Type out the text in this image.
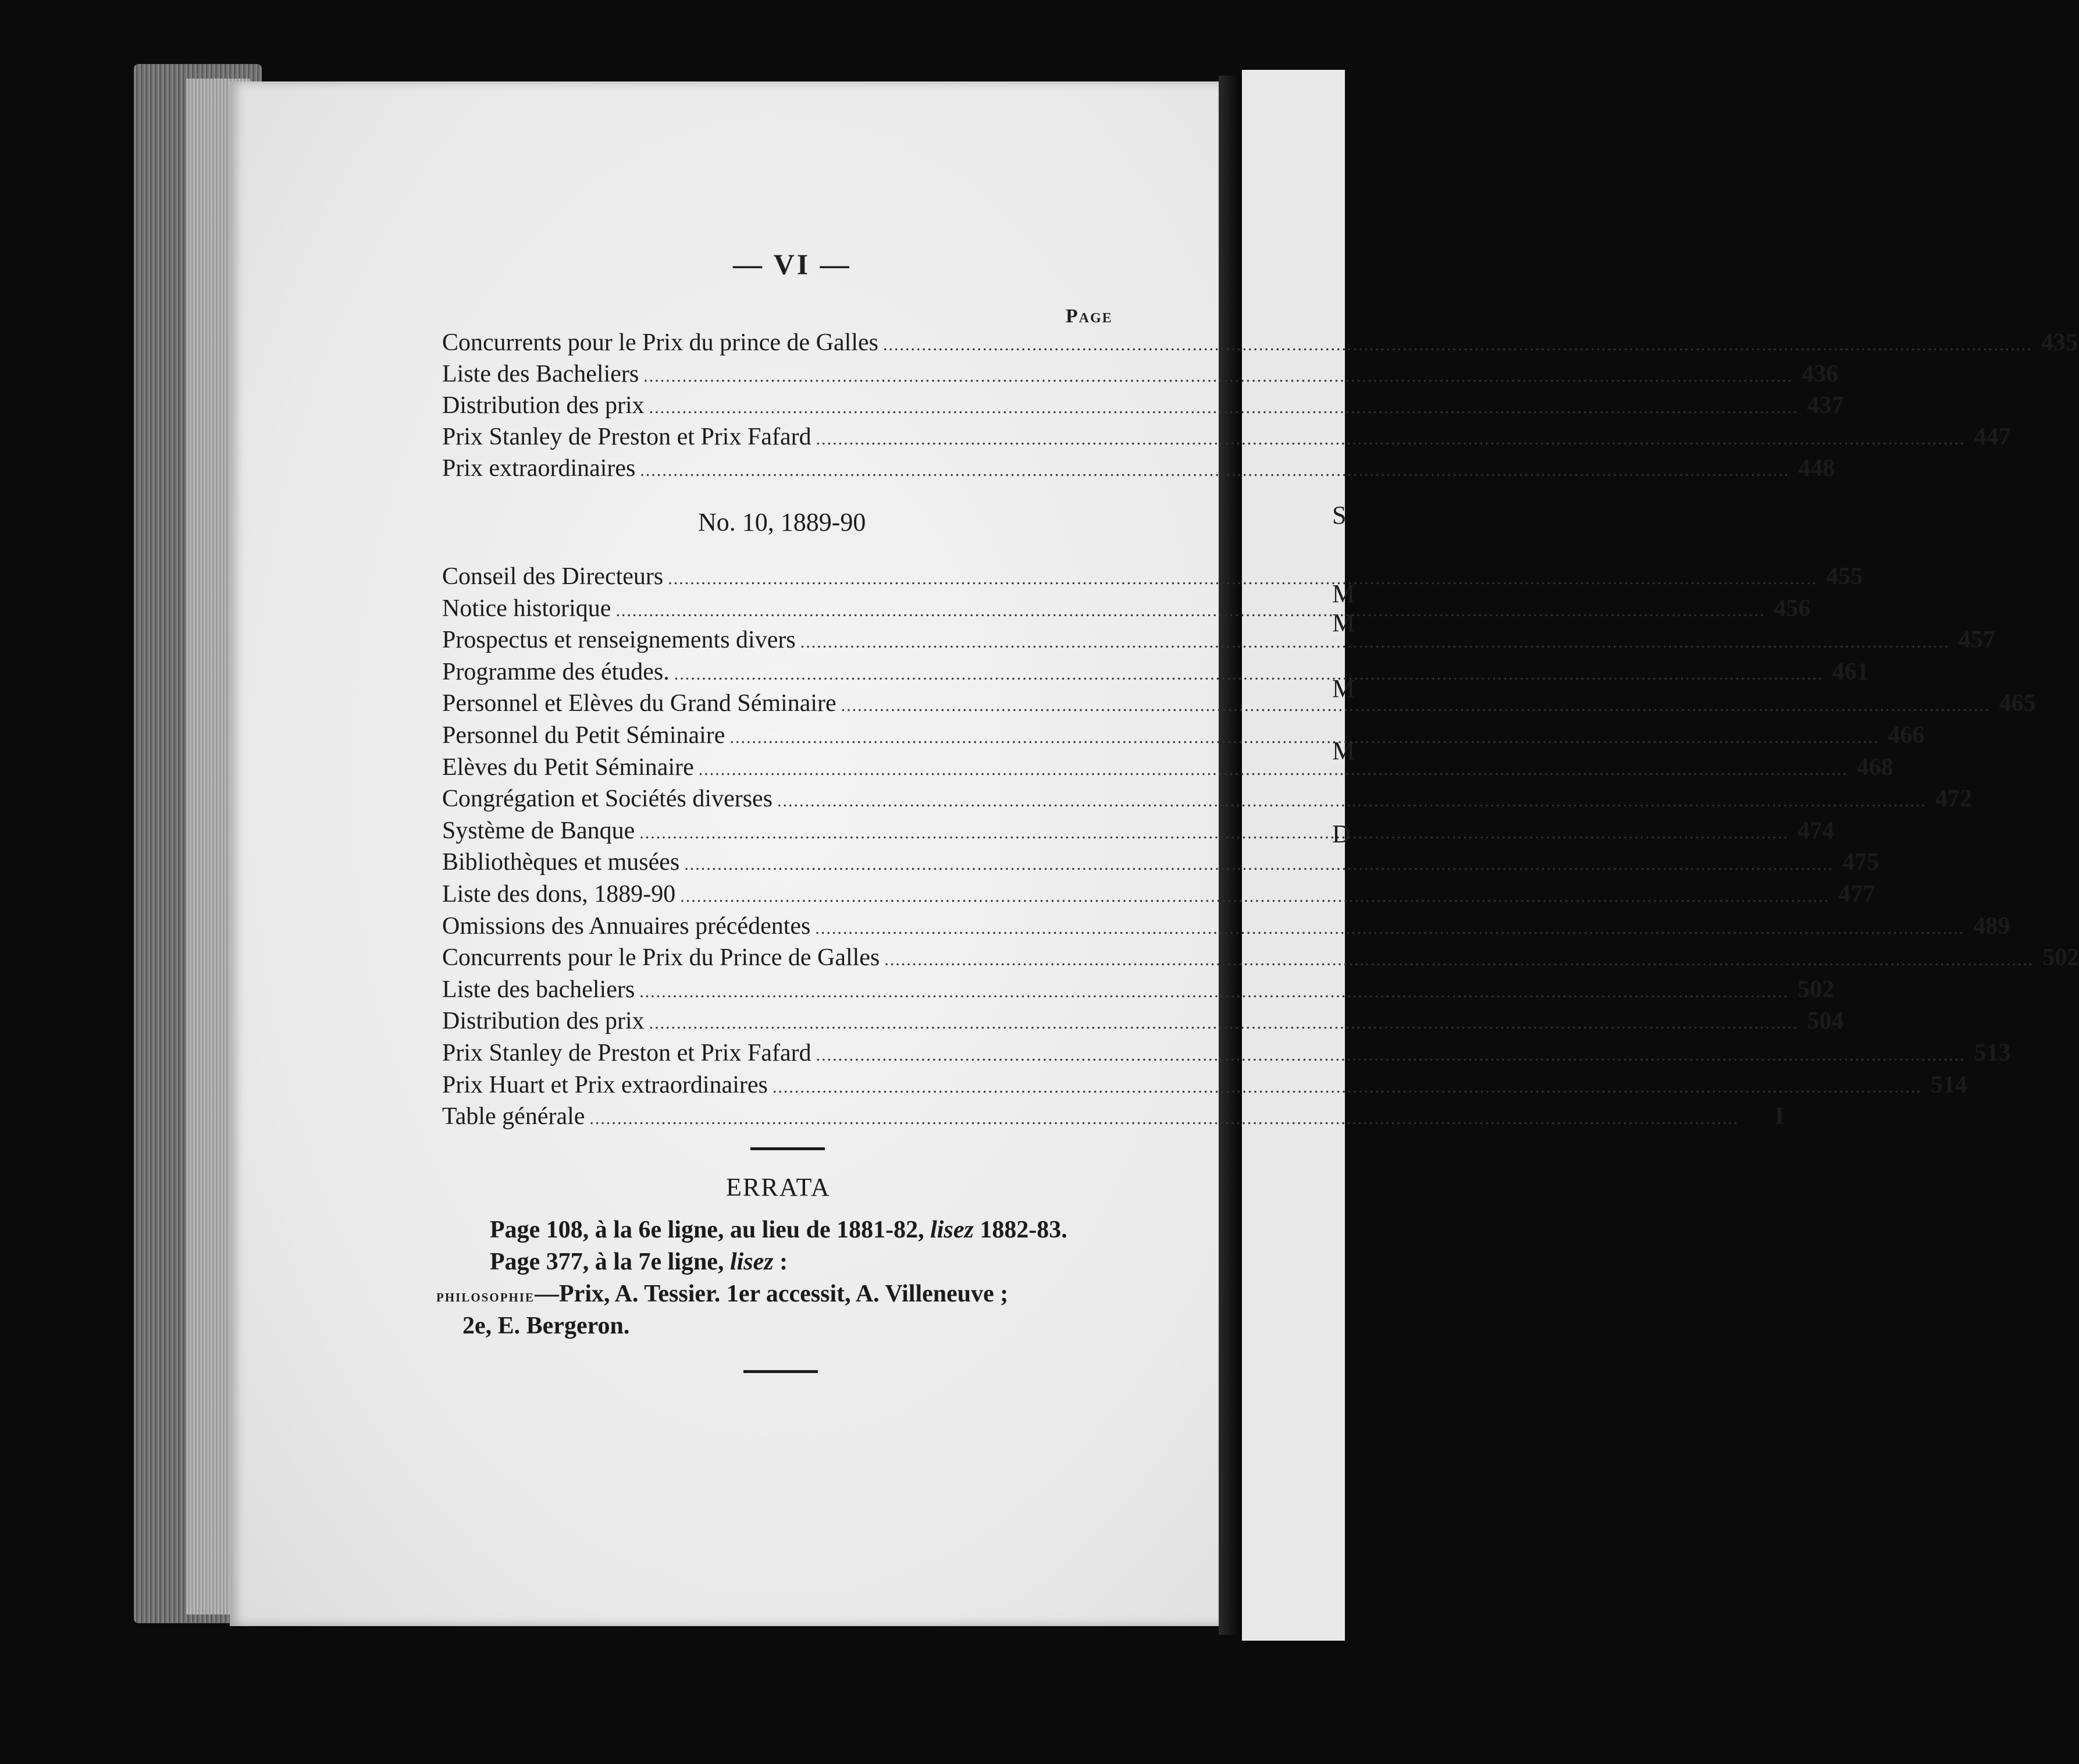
S
M
M
M
M
D
— VI —
Page
Concurrents pour le Prix du prince de Galles .....	435
Liste des Bacheliers .....	436
Distribution des prix .....	437
Prix Stanley de Preston et Prix Fafard .....	447
Prix extraordinaires .....	448
No. 10, 1889-90
Conseil des Directeurs .....	455
Notice historique .....	456
Prospectus et renseignements divers .....	457
Programme des études. .....	461
Personnel et Elèves du Grand Séminaire .....	465
Personnel du Petit Séminaire .....	466
Elèves du Petit Séminaire .....	468
Congrégation et Sociétés diverses .....	472
Système de Banque .....	474
Bibliothèques et musées .....	475
Liste des dons, 1889-90 .....	477
Omissions des Annuaires précédentes .....	489
Concurrents pour le Prix du Prince de Galles .....	502
Liste des bacheliers .....	502
Distribution des prix .....	504
Prix Stanley de Preston et Prix Fafard .....	513
Prix Huart et Prix extraordinaires .....	514
Table générale .....	I
ERRATA
Page 108, à la 6e ligne, au lieu de 1881-82, lisez 1882-83.
Page 377, à la 7e ligne, lisez :
philosophie—Prix, A. Tessier. 1er accessit, A. Villeneuve ;
2e, E. Bergeron.
